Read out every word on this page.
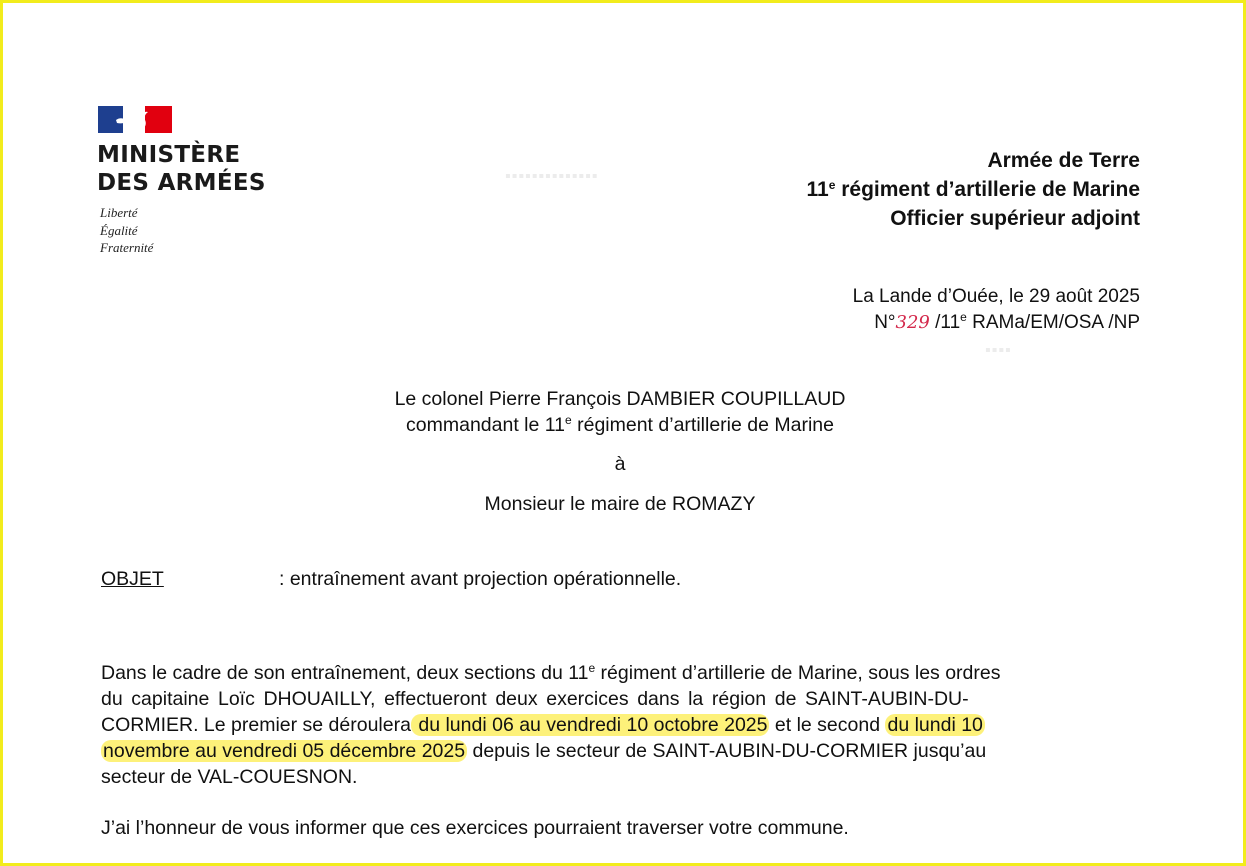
▪▪▪▪▪▪▪▪▪▪▪▪▪▪
▪▪▪▪
MINISTÈRE
DES ARMÉES
Liberté
Égalité
Fraternité
Armée de Terre
11e régiment d’artillerie de Marine
Officier supérieur adjoint
La Lande d’Ouée, le 29 août 2025
N°329 /11e RAMa/EM/OSA /NP
Le colonel Pierre François DAMBIER COUPILLAUD
commandant le 11e régiment d’artillerie de Marine
à
Monsieur le maire de ROMAZY
OBJET	: entraînement avant projection opérationnelle.
Dans le cadre de son entraînement, deux sections du 11e régiment d’artillerie de Marine, sous les ordres
du capitaine Loïc DHOUAILLY, effectueront deux exercices dans la région de SAINT-AUBIN-DU-
CORMIER. Le premier se déroulera du lundi 06 au vendredi 10 octobre 2025 et le second du lundi 10
novembre au vendredi 05 décembre 2025 depuis le secteur de SAINT-AUBIN-DU-CORMIER jusqu’au
secteur de VAL-COUESNON.
J’ai l’honneur de vous informer que ces exercices pourraient traverser votre commune.
